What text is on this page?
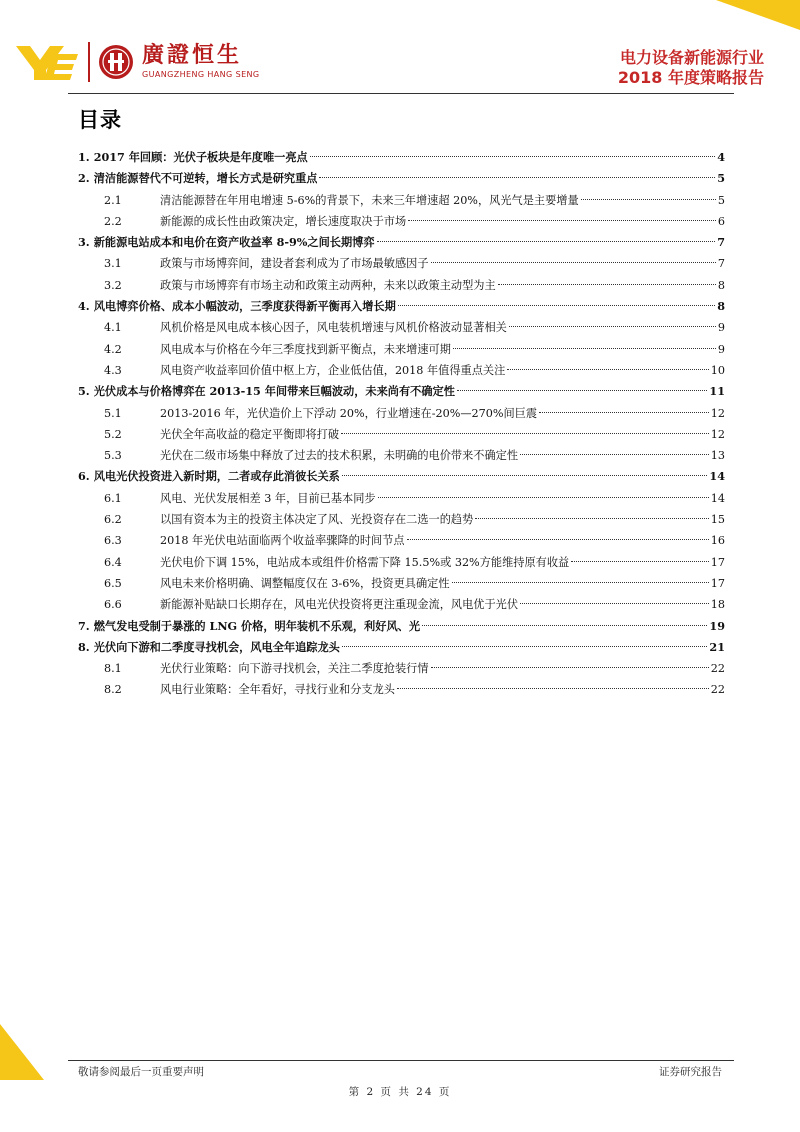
廣證恒生
GUANGZHENG HANG SENG
电力设备新能源行业
2018 年度策略报告
目录
1. 2017 年回顾：光伏子板块是年度唯一亮点	4
2. 清洁能源替代不可逆转，增长方式是研究重点	5
2.1	清洁能源替在年用电增速 5-6%的背景下，未来三年增速超 20%，风光气是主要增量	5
2.2	新能源的成长性由政策决定，增长速度取决于市场	6
3. 新能源电站成本和电价在资产收益率 8-9%之间长期博弈	7
3.1	政策与市场博弈间，建设者套利成为了市场最敏感因子	7
3.2	政策与市场博弈有市场主动和政策主动两种，未来以政策主动型为主	8
4. 风电博弈价格、成本小幅波动，三季度获得新平衡再入增长期	8
4.1	风机价格是风电成本核心因子，风电装机增速与风机价格波动显著相关	9
4.2	风电成本与价格在今年三季度找到新平衡点，未来增速可期	9
4.3	风电资产收益率回价值中枢上方，企业低估值，2018 年值得重点关注	10
5. 光伏成本与价格博弈在 2013-15 年间带来巨幅波动，未来尚有不确定性	11
5.1	2013-2016 年，光伏造价上下浮动 20%，行业增速在-20%—270%间巨震	12
5.2	光伏全年高收益的稳定平衡即将打破	12
5.3	光伏在二级市场集中释放了过去的技术积累，未明确的电价带来不确定性	13
6. 风电光伏投资进入新时期，二者或存此消彼长关系	14
6.1	风电、光伏发展相差 3 年，目前已基本同步	14
6.2	以国有资本为主的投资主体决定了风、光投资存在二选一的趋势	15
6.3	2018 年光伏电站面临两个收益率骤降的时间节点	16
6.4	光伏电价下调 15%，电站成本或组件价格需下降 15.5%或 32%方能维持原有收益	17
6.5	风电未来价格明确、调整幅度仅在 3-6%，投资更具确定性	17
6.6	新能源补贴缺口长期存在，风电光伏投资将更注重现金流，风电优于光伏	18
7. 燃气发电受制于暴涨的 LNG 价格，明年装机不乐观，利好风、光	19
8. 光伏向下游和二季度寻找机会，风电全年追踪龙头	21
8.1	光伏行业策略：向下游寻找机会，关注二季度抢装行情	22
8.2	风电行业策略：全年看好，寻找行业和分支龙头	22
敬请参阅最后一页重要声明	证券研究报告
第 2 页 共 24 页
